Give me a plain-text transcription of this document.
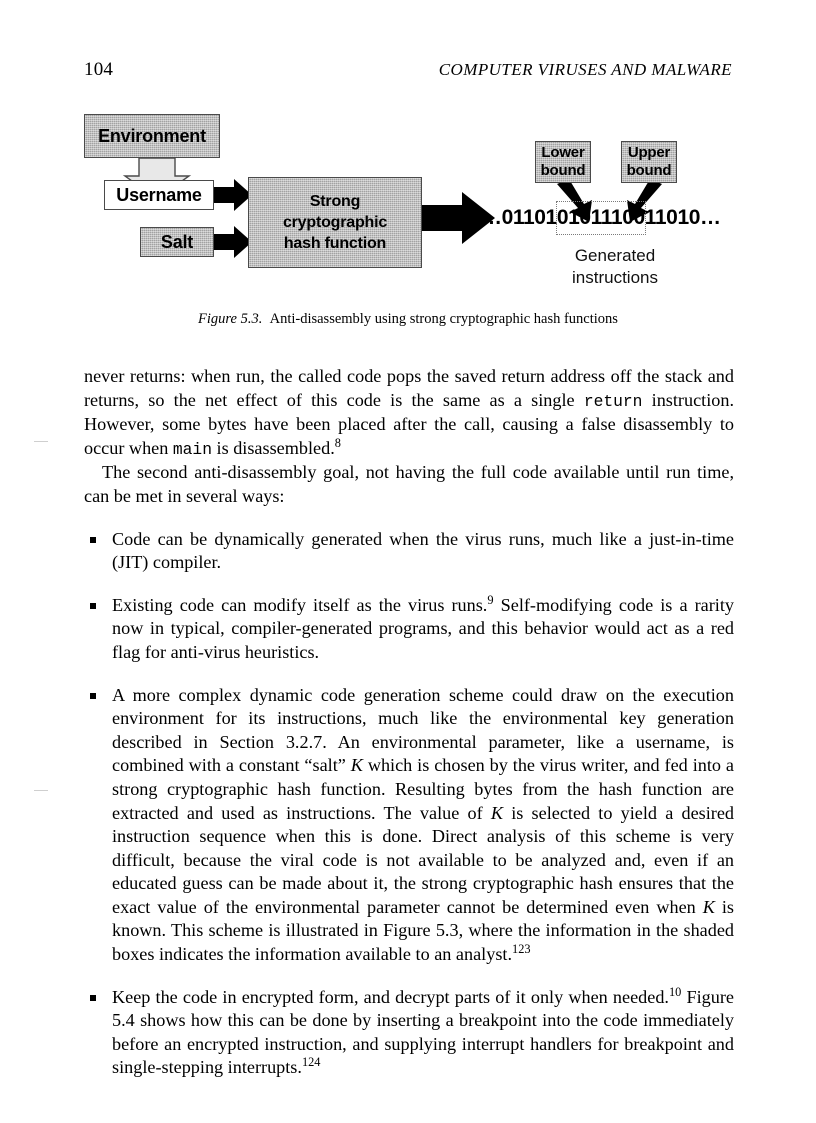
104	COMPUTER VIRUSES AND MALWARE
Environment
Username
Salt
Strong
cryptographic
hash function
Lower
bound
Upper
bound
…011010101110011010…
Generated
instructions
Figure 5.3. Anti-disassembly using strong cryptographic hash functions

never returns: when run, the called code pops the saved return address off the stack and returns, so the net effect of this code is the same as a single return instruction. However, some bytes have been placed after the call, causing a false disassembly to occur when main is disassembled.$^8$

The second anti-disassembly goal, not having the full code available until run time, can be met in several ways:

Code can be dynamically generated when the virus runs, much like a just-in-time (JIT) compiler.
Existing code can modify itself as the virus runs.$^9$ Self-modifying code is a rarity now in typical, compiler-generated programs, and this behavior would act as a red flag for anti-virus heuristics.
A more complex dynamic code generation scheme could draw on the execution environment for its instructions, much like the environmental key generation described in Section 3.2.7. An environmental parameter, like a username, is combined with a constant “salt” K which is chosen by the virus writer, and fed into a strong cryptographic hash function. Resulting bytes from the hash function are extracted and used as instructions. The value of K is selected to yield a desired instruction sequence when this is done. Direct analysis of this scheme is very difficult, because the viral code is not available to be analyzed and, even if an educated guess can be made about it, the strong cryptographic hash ensures that the exact value of the environmental parameter cannot be determined even when K is known. This scheme is illustrated in Figure 5.3, where the information in the shaded boxes indicates the information available to an analyst.$^{123}$
Keep the code in encrypted form, and decrypt parts of it only when needed.$^{10}$ Figure 5.4 shows how this can be done by inserting a breakpoint into the code immediately before an encrypted instruction, and supplying interrupt handlers for breakpoint and single-stepping interrupts.$^{124}$
